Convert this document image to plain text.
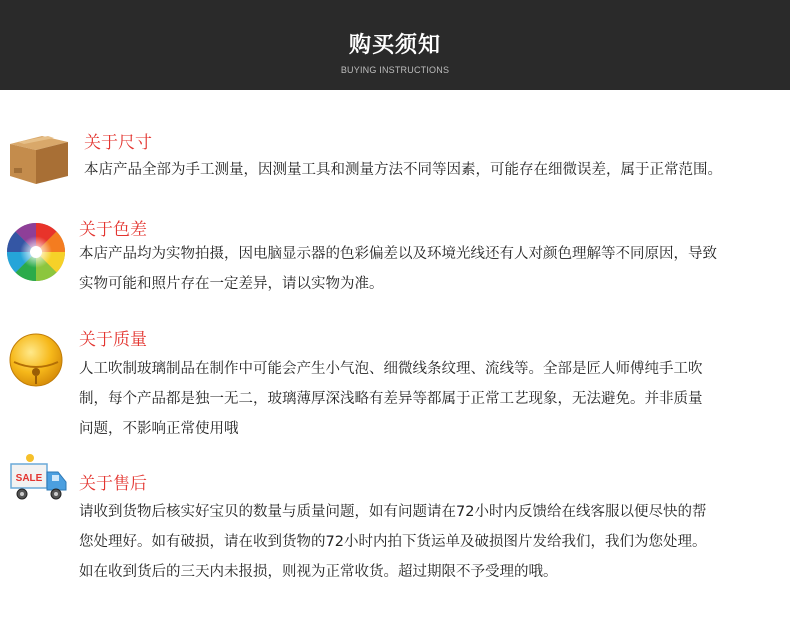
购买须知
BUYING INSTRUCTIONS
关于尺寸
本店产品全部为手工测量，因测量工具和测量方法不同等因素，可能存在细微误差，属于正常范围。
关于色差
本店产品均为实物拍摄，因电脑显示器的色彩偏差以及环境光线还有人对颜色理解等不同原因，导致
实物可能和照片存在一定差异，请以实物为准。
关于质量
人工吹制玻璃制品在制作中可能会产生小气泡、细微线条纹理、流线等。全部是匠人师傅纯手工吹
制，每个产品都是独一无二，玻璃薄厚深浅略有差异等都属于正常工艺现象，无法避免。并非质量
问题，不影响正常使用哦
SALE 关于售后
请收到货物后核实好宝贝的数量与质量问题，如有问题请在72小时内反馈给在线客服以便尽快的帮
您处理好。如有破损，请在收到货物的72小时内拍下货运单及破损图片发给我们，我们为您处理。
如在收到货后的三天内未报损，则视为正常收货。超过期限不予受理的哦。
